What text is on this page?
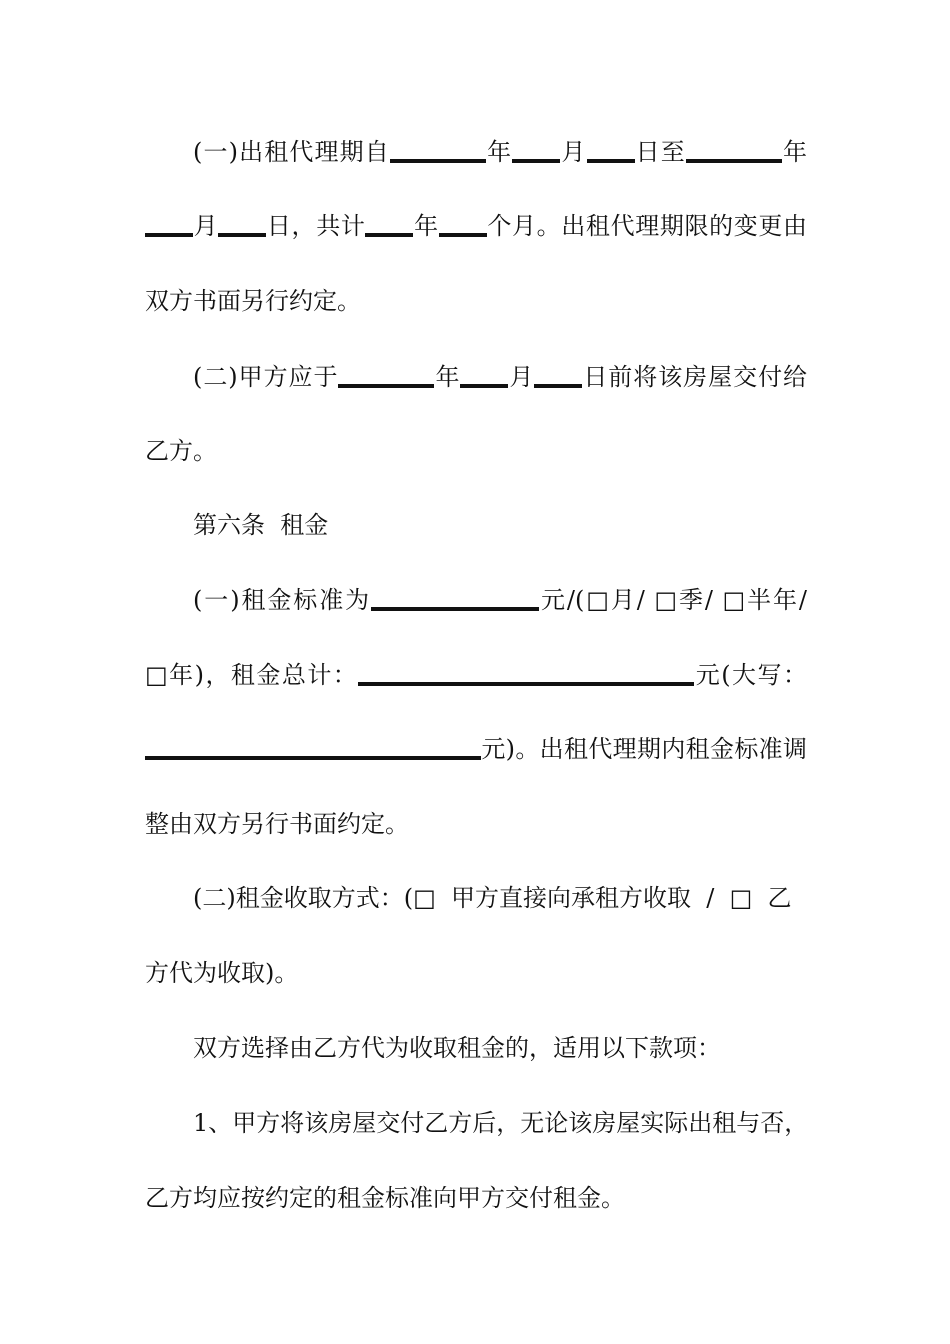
(一)出租代理期自	年 月 日至	年
月 日，共计 年 个月。出租代理期限的变更由
双方书面另行约定。
(二)甲方应于	年 月 日前将该房屋交付给
乙方。
第六条  租金
(一)租金标准为	元/(□月/ □季/ □半年/
□年)，租金总计：	元(大写：
元)。出租代理期内租金标准调
整由双方另行书面约定。
(二)租金收取方式：(□  甲方直接向承租方收取  /  □  乙
方代为收取)。
双方选择由乙方代为收取租金的，适用以下款项：
1、甲方将该房屋交付乙方后，无论该房屋实际出租与否，
乙方均应按约定的租金标准向甲方交付租金。
